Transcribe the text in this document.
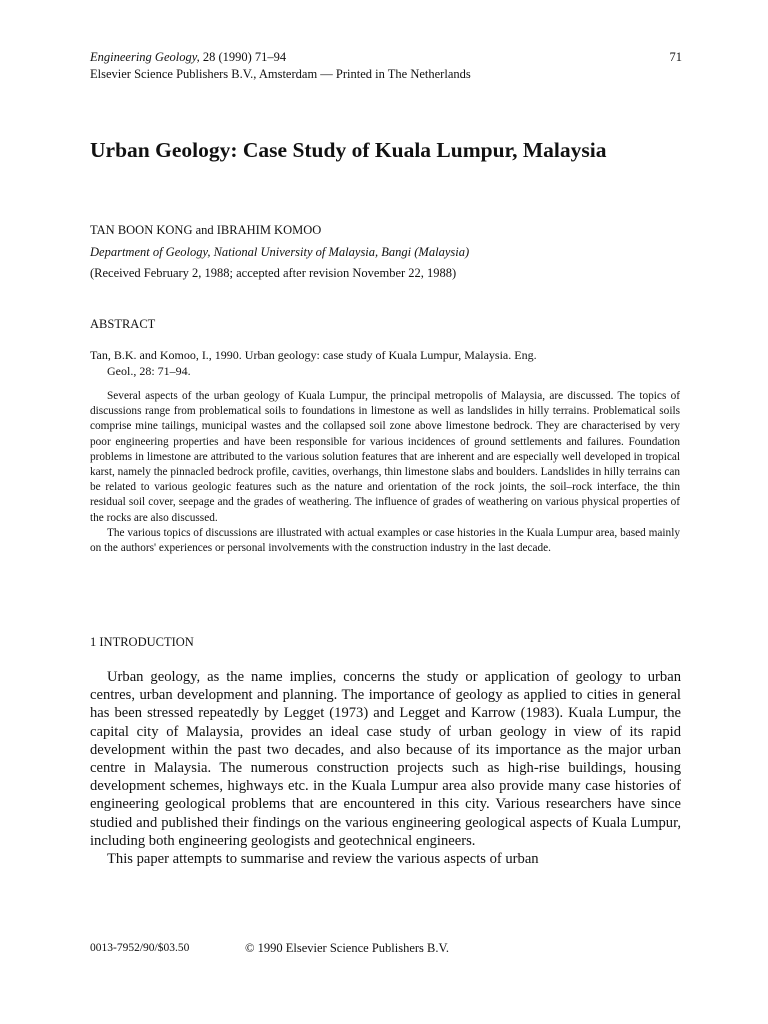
Engineering Geology, 28 (1990) 71–94
Elsevier Science Publishers B.V., Amsterdam — Printed in The Netherlands
71
Urban Geology: Case Study of Kuala Lumpur, Malaysia
TAN BOON KONG and IBRAHIM KOMOO
Department of Geology, National University of Malaysia, Bangi (Malaysia)
(Received February 2, 1988; accepted after revision November 22, 1988)
ABSTRACT
Tan, B.K. and Komoo, I., 1990. Urban geology: case study of Kuala Lumpur, Malaysia. Eng.
Geol., 28: 71–94.

Several aspects of the urban geology of Kuala Lumpur, the principal metropolis of Malaysia, are discussed. The topics of discussions range from problematical soils to foundations in limestone as well as landslides in hilly terrains. Problematical soils comprise mine tailings, municipal wastes and the collapsed soil zone above limestone bedrock. They are characterised by very poor engineering properties and have been responsible for various incidences of ground settlements and failures. Foundation problems in limestone are attributed to the various solution features that are inherent and are especially well developed in tropical karst, namely the pinnacled bedrock profile, cavities, overhangs, thin limestone slabs and boulders. Landslides in hilly terrains can be related to various geologic features such as the nature and orientation of the rock joints, the soil–rock interface, the thin residual soil cover, seepage and the grades of weathering. The influence of grades of weathering on various physical properties of the rocks are also discussed.

The various topics of discussions are illustrated with actual examples or case histories in the Kuala Lumpur area, based mainly on the authors' experiences or personal involvements with the construction industry in the last decade.

1 INTRODUCTION

Urban geology, as the name implies, concerns the study or application of geology to urban centres, urban development and planning. The importance of geology as applied to cities in general has been stressed repeatedly by Legget (1973) and Legget and Karrow (1983). Kuala Lumpur, the capital city of Malaysia, provides an ideal case study of urban geology in view of its rapid development within the past two decades, and also because of its importance as the major urban centre in Malaysia. The numerous construction projects such as high-rise buildings, housing development schemes, highways etc. in the Kuala Lumpur area also provide many case histories of engineering geological problems that are encountered in this city. Various researchers have since studied and published their findings on the various engineering geological aspects of Kuala Lumpur, including both engineering geologists and geotechnical engineers.

This paper attempts to summarise and review the various aspects of urban

0013-7952/90/$03.50	© 1990 Elsevier Science Publishers B.V.
